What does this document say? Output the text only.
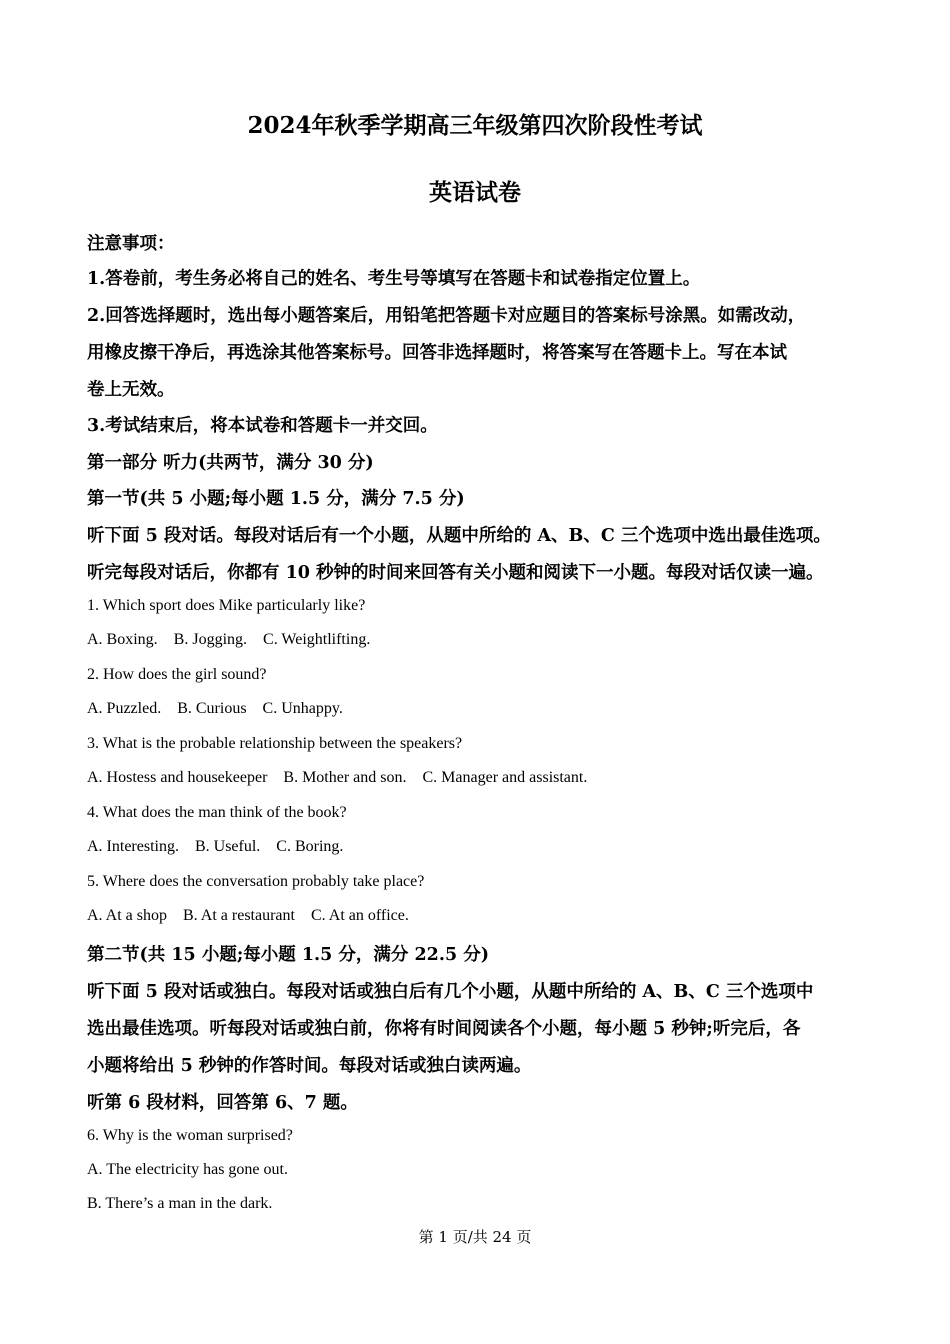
2024年秋季学期高三年级第四次阶段性考试
英语试卷
注意事项：
1.答卷前，考生务必将自己的姓名、考生号等填写在答题卡和试卷指定位置上。
2.回答选择题时，选出每小题答案后，用铅笔把答题卡对应题目的答案标号涂黑。如需改动，
用橡皮擦干净后，再选涂其他答案标号。回答非选择题时，将答案写在答题卡上。写在本试
卷上无效。
3.考试结束后，将本试卷和答题卡一并交回。
第一部分 听力(共两节，满分 30 分)
第一节(共 5 小题;每小题 1.5 分，满分 7.5 分)
听下面 5 段对话。每段对话后有一个小题，从题中所给的 A、B、C 三个选项中选出最佳选项。
听完每段对话后，你都有 10 秒钟的时间来回答有关小题和阅读下一小题。每段对话仅读一遍。
1. Which sport does Mike particularly like?
A. Boxing.    B. Jogging.    C. Weightlifting.
2. How does the girl sound?
A. Puzzled.    B. Curious    C. Unhappy.
3. What is the probable relationship between the speakers?
A. Hostess and housekeeper    B. Mother and son.    C. Manager and assistant.
4. What does the man think of the book?
A. Interesting.    B. Useful.    C. Boring.
5. Where does the conversation probably take place?
A. At a shop    B. At a restaurant    C. At an office.
第二节(共 15 小题;每小题 1.5 分，满分 22.5 分)
听下面 5 段对话或独白。每段对话或独白后有几个小题，从题中所给的 A、B、C 三个选项中
选出最佳选项。听每段对话或独白前，你将有时间阅读各个小题，每小题 5 秒钟;听完后，各
小题将给出 5 秒钟的作答时间。每段对话或独白读两遍。
听第 6 段材料，回答第 6、7 题。
6. Why is the woman surprised?
A. The electricity has gone out.
B. There’s a man in the dark.
第 1 页/共 24 页
